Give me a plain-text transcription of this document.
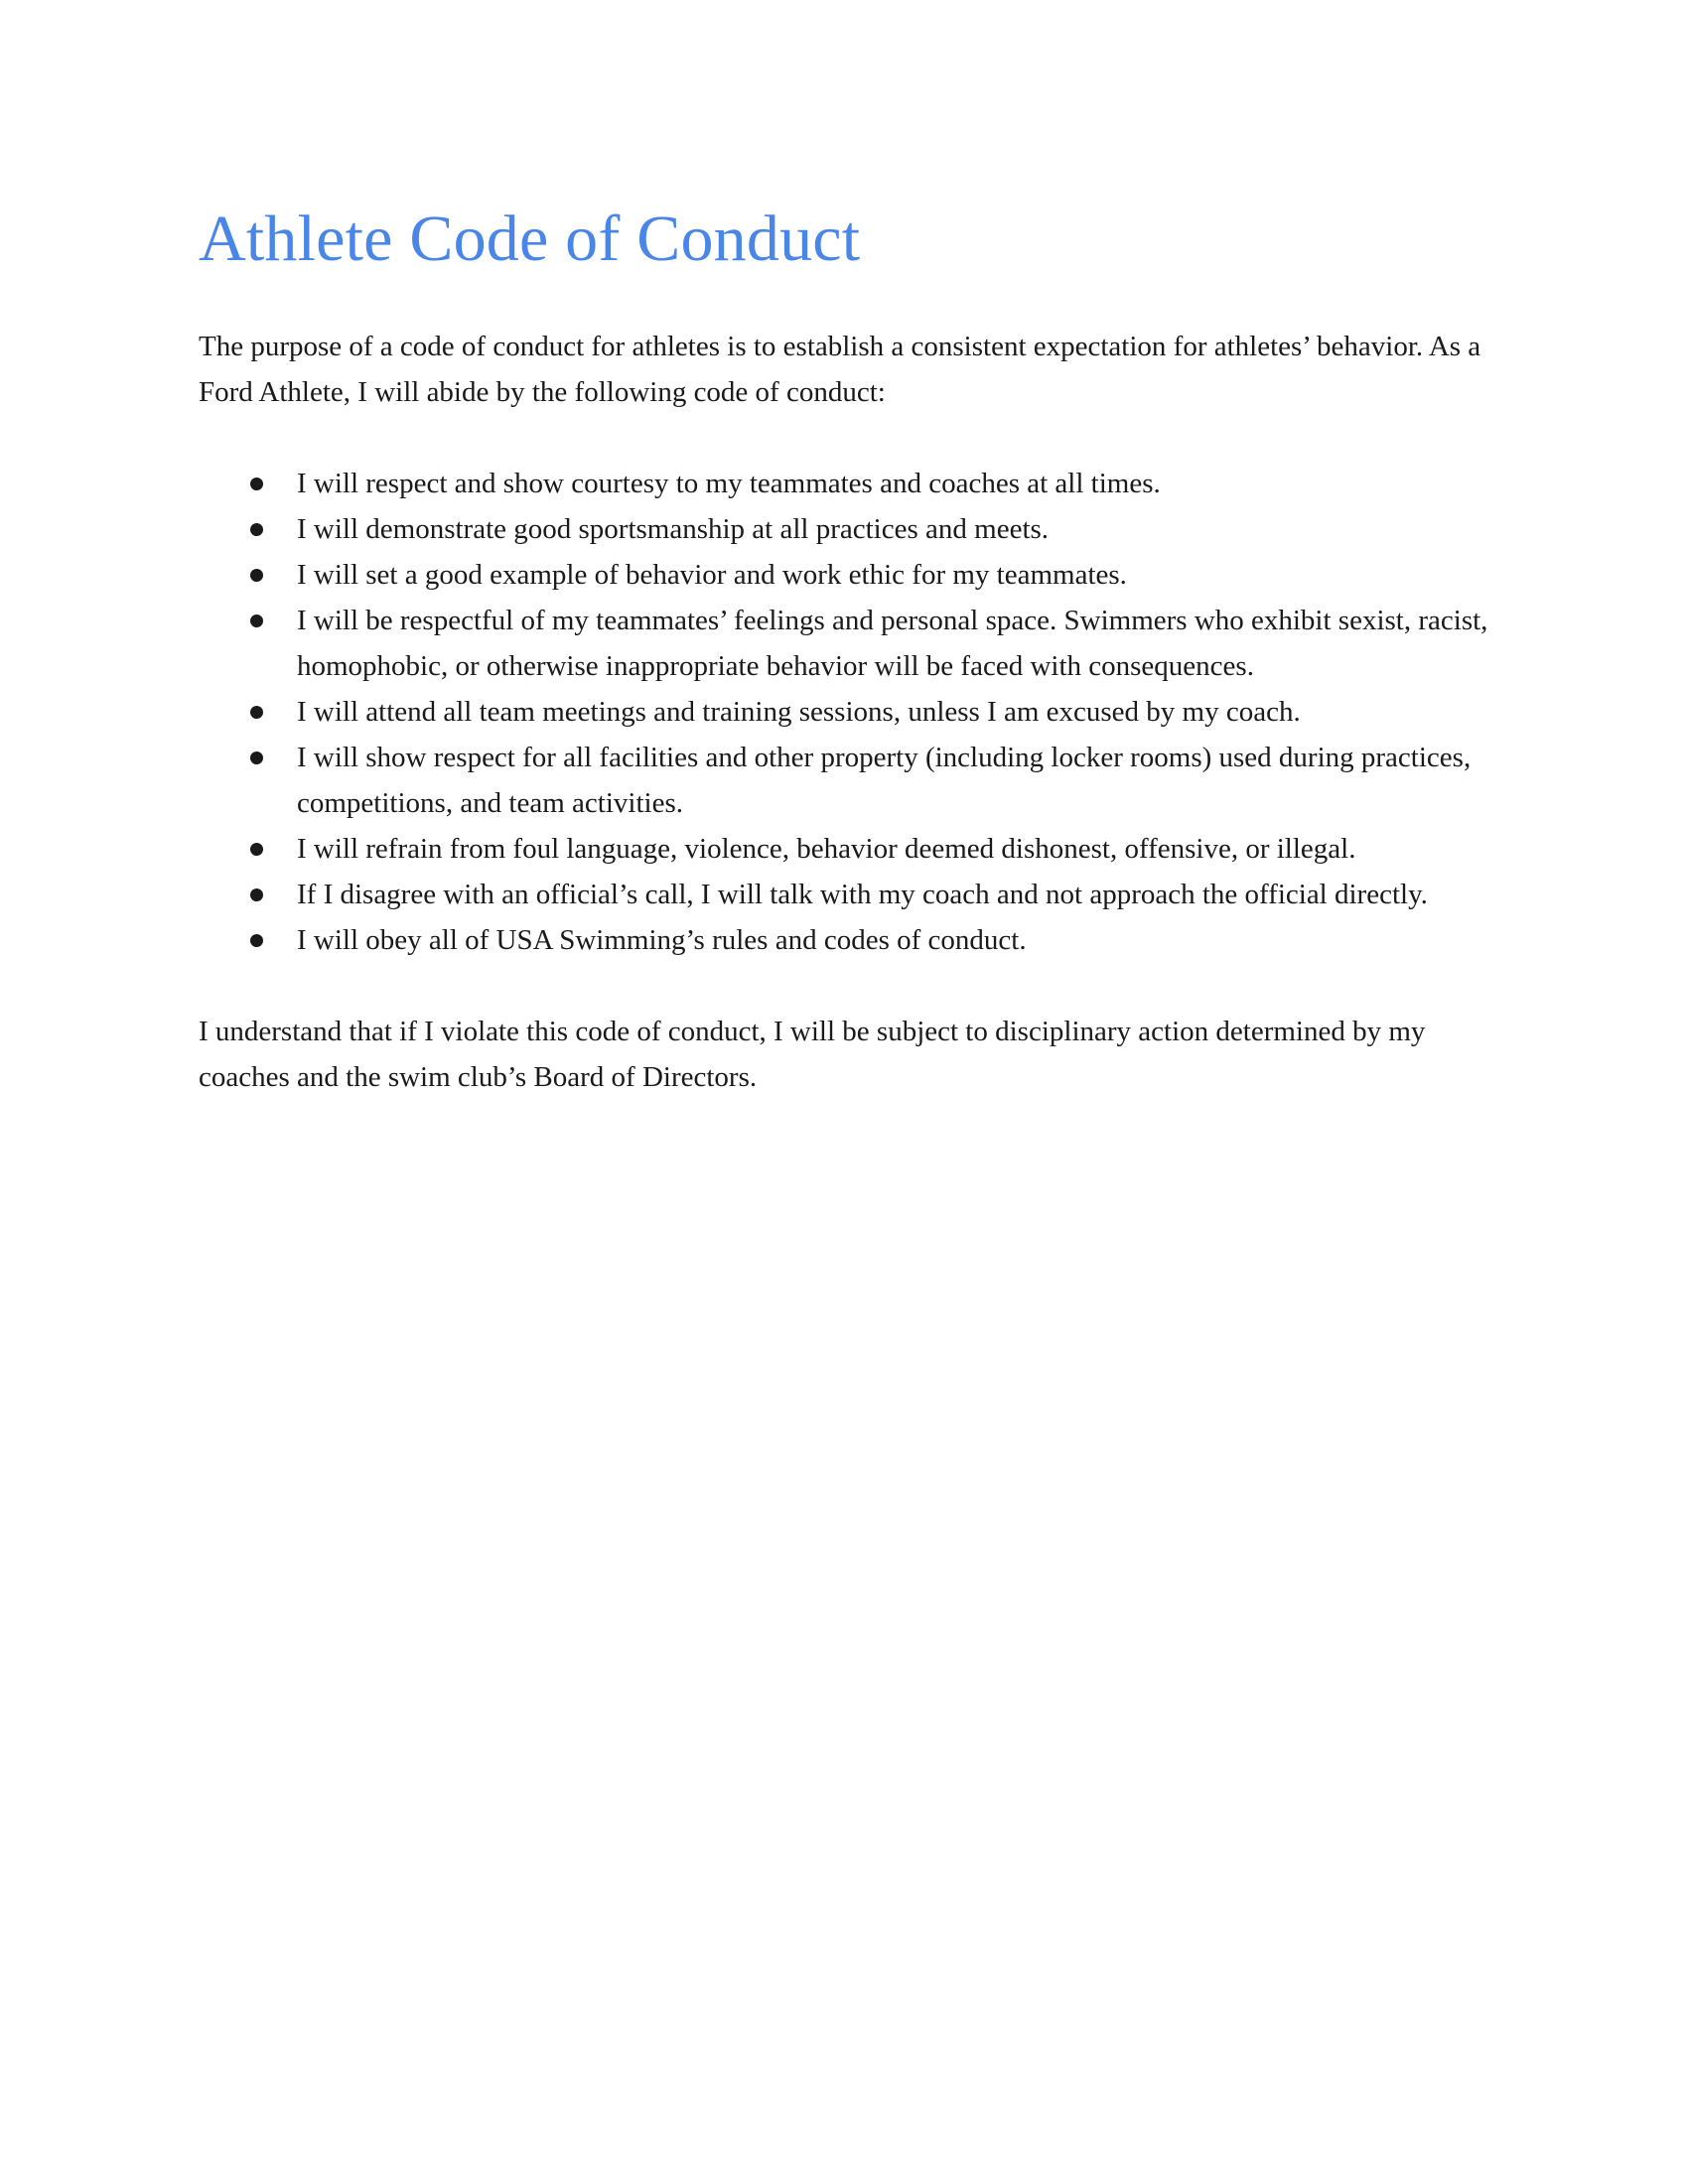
Athlete Code of Conduct

The purpose of a code of conduct for athletes is to establish a consistent expectation for athletes’ behavior. As a Ford Athlete, I will abide by the following code of conduct:

I will respect and show courtesy to my teammates and coaches at all times.
I will demonstrate good sportsmanship at all practices and meets.
I will set a good example of behavior and work ethic for my teammates.
I will be respectful of my teammates’ feelings and personal space. Swimmers who exhibit sexist, racist, homophobic, or otherwise inappropriate behavior will be faced with consequences.
I will attend all team meetings and training sessions, unless I am excused by my coach.
I will show respect for all facilities and other property (including locker rooms) used during practices, competitions, and team activities.
I will refrain from foul language, violence, behavior deemed dishonest, offensive, or illegal.
If I disagree with an official’s call, I will talk with my coach and not approach the official directly.
I will obey all of USA Swimming’s rules and codes of conduct.

I understand that if I violate this code of conduct, I will be subject to disciplinary action determined by my coaches and the swim club’s Board of Directors.
